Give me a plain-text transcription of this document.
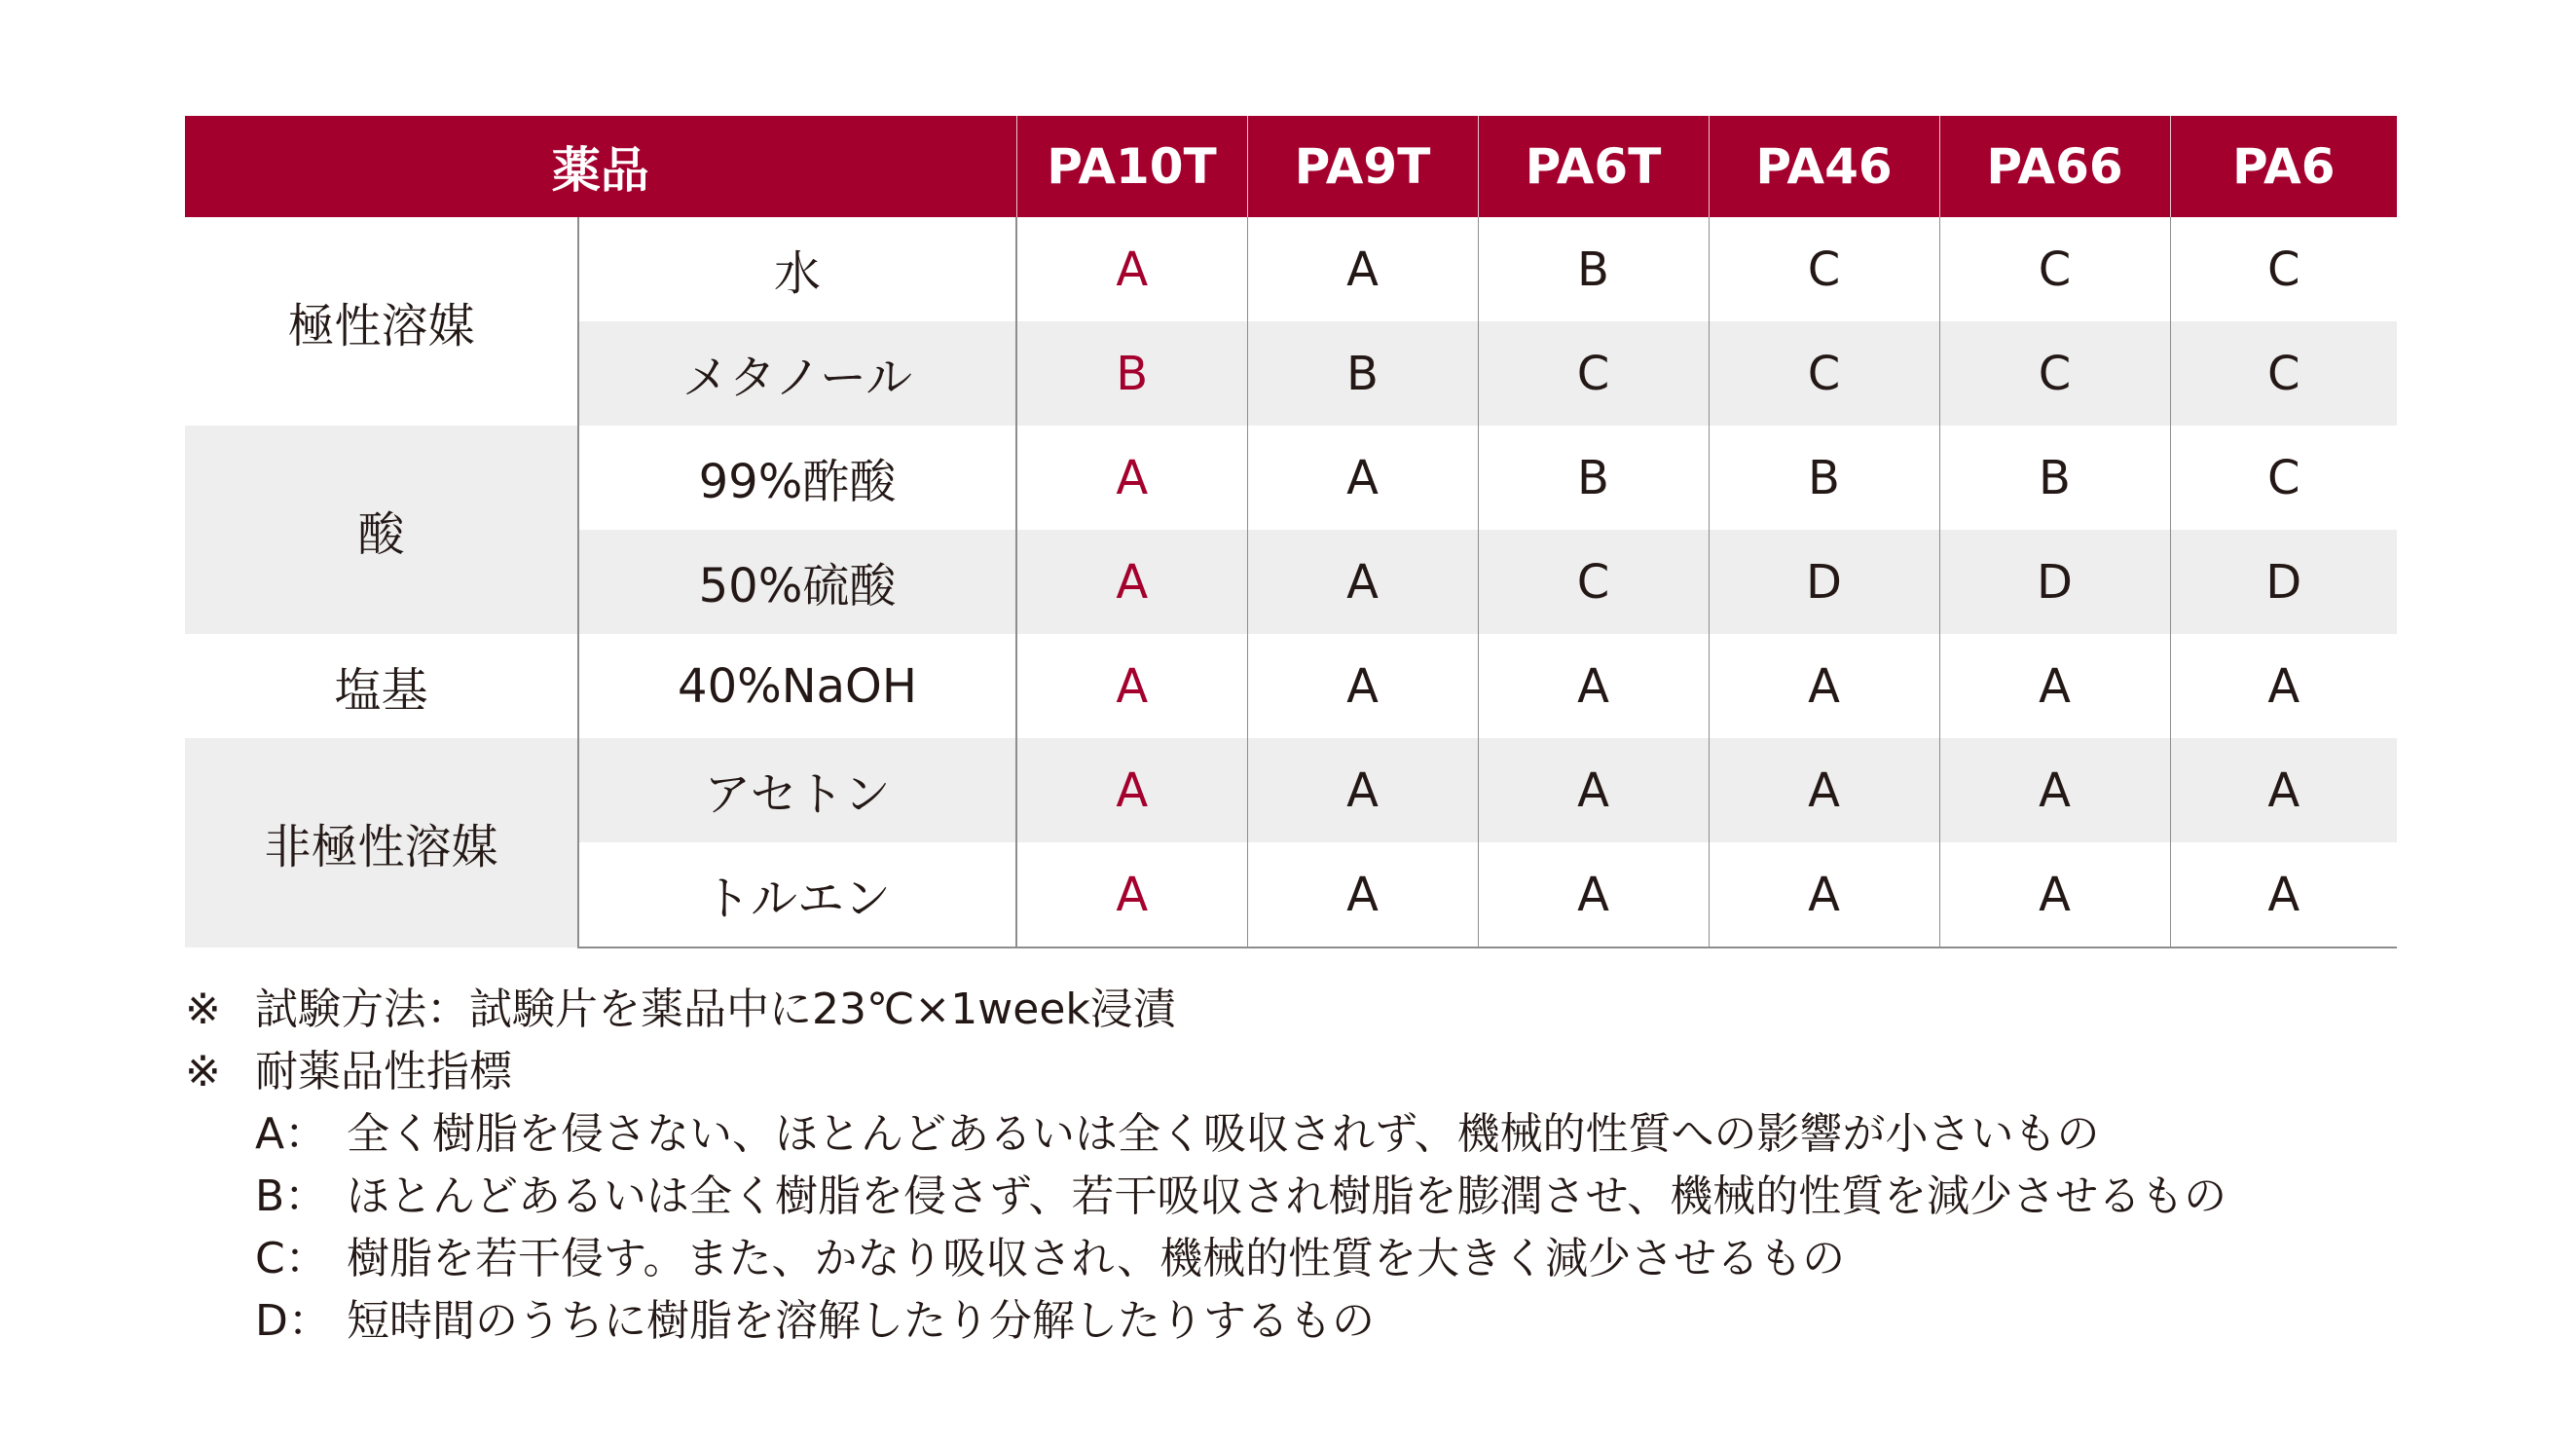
薬品		PA10T	PA9T	PA6T	PA46	PA66	PA6
極性溶媒	水	A	A	B	C	C	C
	メタノール	B	B	C	C	C	C
酸	99%酢酸	A	A	B	B	B	C
	50%硫酸	A	A	C	D	D	D
塩基	40%NaOH	A	A	A	A	A	A
非極性溶媒	アセトン	A	A	A	A	A	A
	トルエン	A	A	A	A	A	A
※ 試験方法：試験片を薬品中に23℃×1week浸漬
※ 耐薬品性指標
A： 全く樹脂を侵さない、ほとんどあるいは全く吸収されず、機械的性質への影響が小さいもの
B： ほとんどあるいは全く樹脂を侵さず、若干吸収され樹脂を膨潤させ、機械的性質を減少させるもの
C： 樹脂を若干侵す。また、かなり吸収され、機械的性質を大きく減少させるもの
D： 短時間のうちに樹脂を溶解したり分解したりするもの
